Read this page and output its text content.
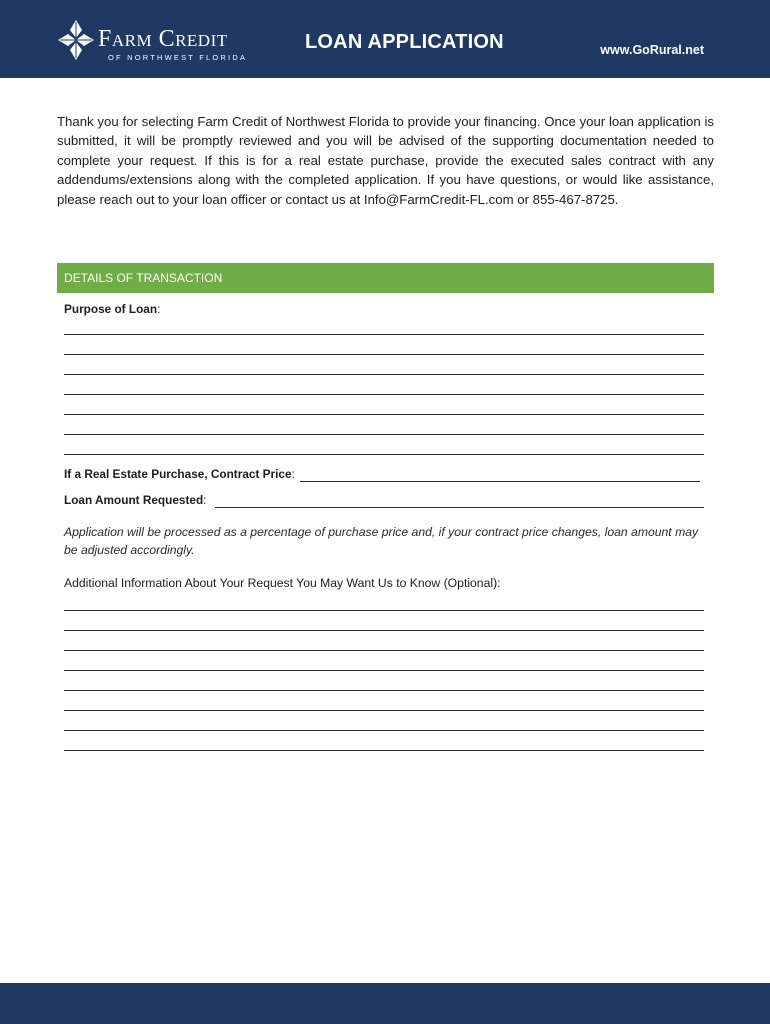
Farm Credit
OF NORTHWEST FLORIDA
LOAN APPLICATION	www.GoRural.net
Thank you for selecting Farm Credit of Northwest Florida to provide your financing. Once your loan application is submitted, it will be promptly reviewed and you will be advised of the supporting documentation needed to complete your request. If this is for a real estate purchase, provide the executed sales contract with any addendums/extensions along with the completed application. If you have questions, or would like assistance, please reach out to your loan officer or contact us at Info@FarmCredit-FL.com or 855-467-8725.
DETAILS OF TRANSACTION
Purpose of Loan:
If a Real Estate Purchase, Contract Price:
Loan Amount Requested:
Application will be processed as a percentage of purchase price and, if your contract price changes, loan amount may be adjusted accordingly.
Additional Information About Your Request You May Want Us to Know (Optional):
